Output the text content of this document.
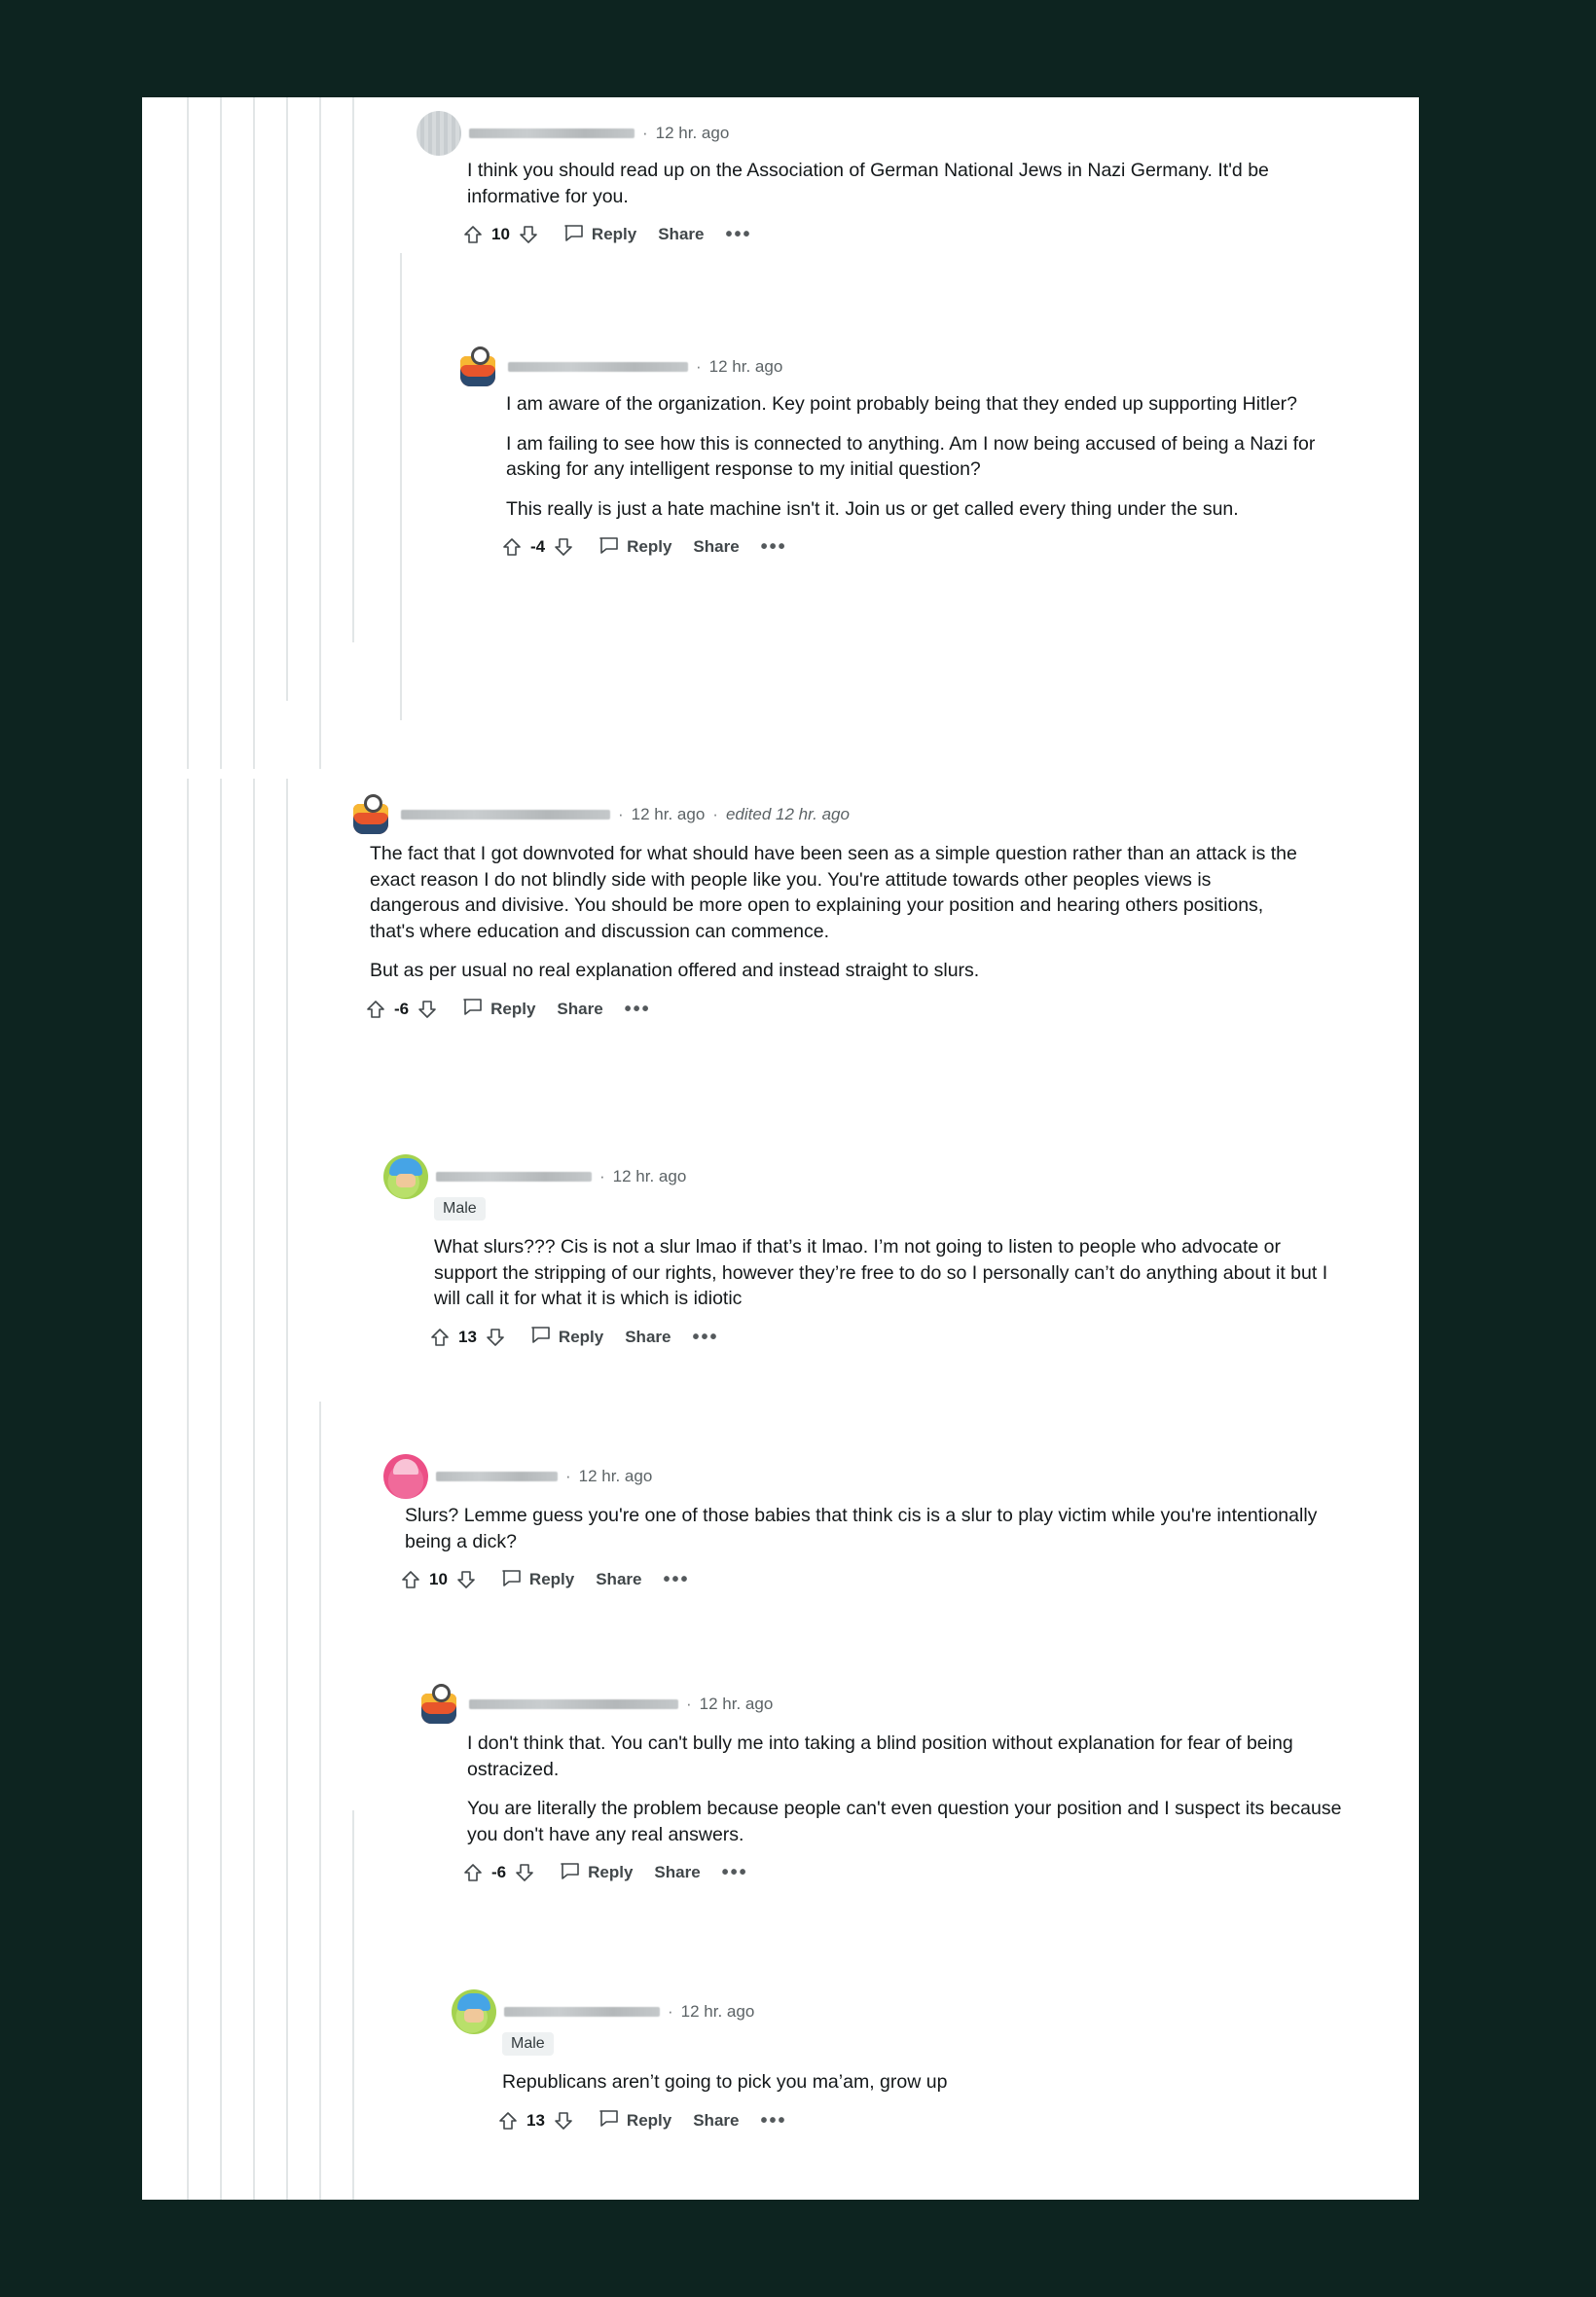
· 12 hr. ago

I think you should read up on the Association of German National Jews in Nazi Germany. It'd be informative for you.

10	Reply Share •••
· 12 hr. ago

I am aware of the organization. Key point probably being that they ended up supporting Hitler?

I am failing to see how this is connected to anything. Am I now being accused of being a Nazi for asking for any intelligent response to my initial question?

This really is just a hate machine isn't it. Join us or get called every thing under the sun.

-4	Reply Share •••
· 12 hr. ago · edited 12 hr. ago

The fact that I got downvoted for what should have been seen as a simple question rather than an attack is the exact reason I do not blindly side with people like you. You're attitude towards other peoples views is dangerous and divisive. You should be more open to explaining your position and hearing others positions, that's where education and discussion can commence.

But as per usual no real explanation offered and instead straight to slurs.

-6	Reply Share •••
· 12 hr. ago
Male

What slurs??? Cis is not a slur lmao if that’s it lmao. I’m not going to listen to people who advocate or support the stripping of our rights, however they’re free to do so I personally can’t do anything about it but I will call it for what it is which is idiotic

13	Reply Share •••
· 12 hr. ago

Slurs? Lemme guess you're one of those babies that think cis is a slur to play victim while you're intentionally being a dick?

10	Reply Share •••
· 12 hr. ago

I don't think that. You can't bully me into taking a blind position without explanation for fear of being ostracized.

You are literally the problem because people can't even question your position and I suspect its because you don't have any real answers.

-6	Reply Share •••
· 12 hr. ago
Male

Republicans aren’t going to pick you ma’am, grow up

13	Reply Share •••
